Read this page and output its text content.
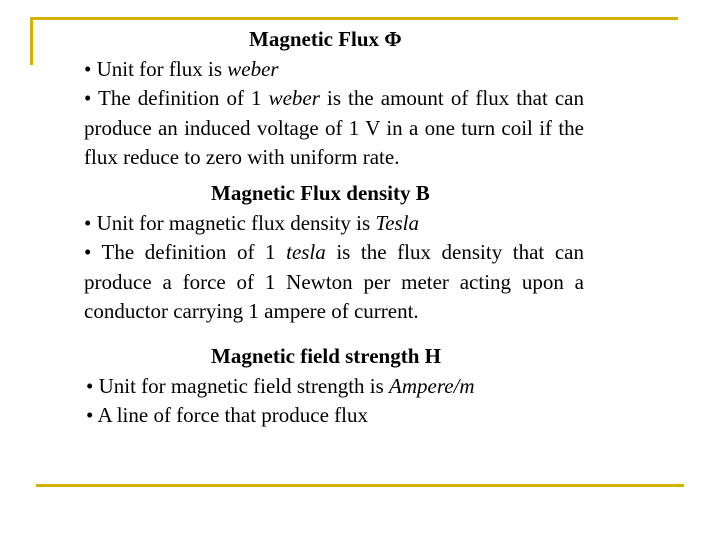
Magnetic Flux Φ
• Unit for flux is weber
• The definition of 1 weber is the amount of flux that can produce an induced voltage of 1 V in a one turn coil if the flux reduce to zero with uniform rate.
Magnetic Flux density B
• Unit for magnetic flux density is Tesla
• The definition of 1 tesla is the flux density that can produce a force of 1 Newton per meter acting upon a conductor carrying 1 ampere of current.
Magnetic field strength H
• Unit for magnetic field strength is Ampere/m
• A line of force that produce flux
